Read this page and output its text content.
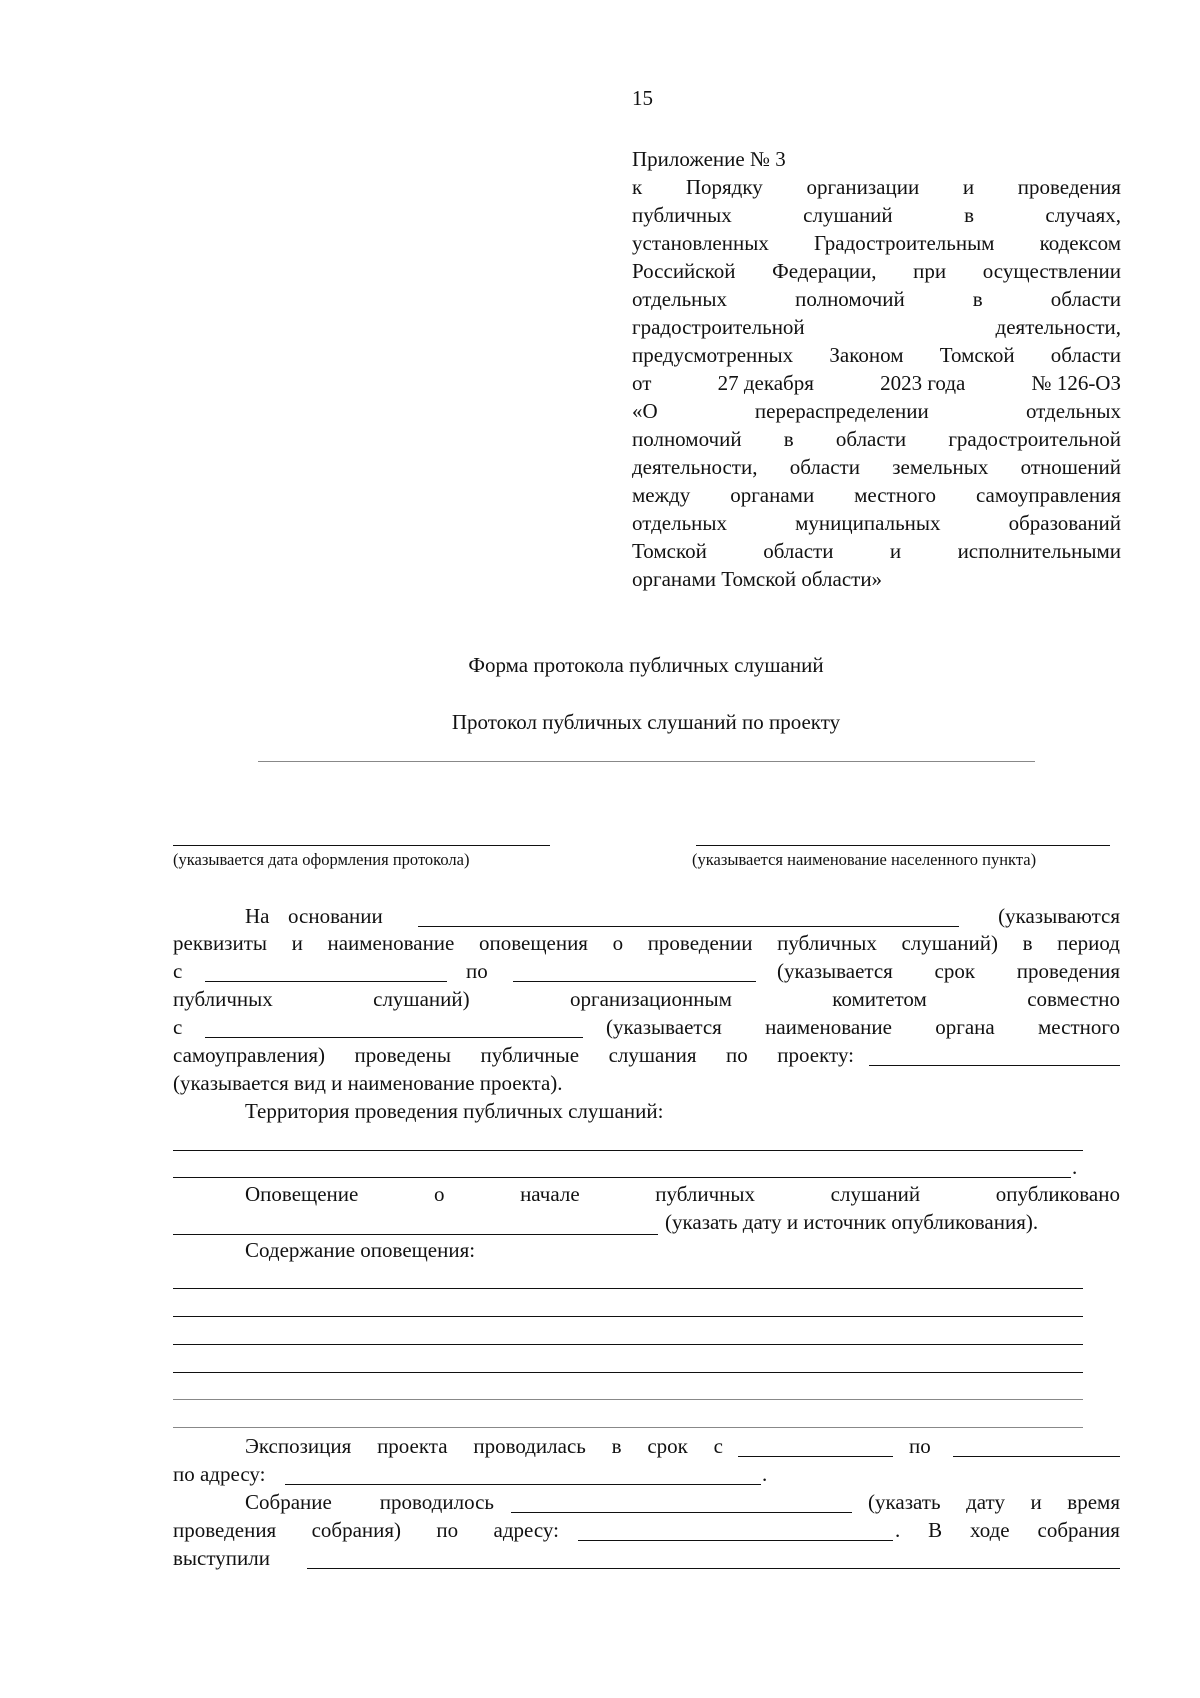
15
Приложение № 3
к Порядку организации и проведения
публичных	слушаний	в	случаях,
установленных Градостроительным кодексом
Российской Федерации, при осуществлении
отдельных	полномочий	в	области
градостроительной	деятельности,
предусмотренных Законом Томской области
от	27 декабря	2023 года	№ 126-ОЗ
«О	перераспределении	отдельных
полномочий в области градостроительной
деятельности, области земельных отношений
между органами местного самоуправления
отдельных	муниципальных	образований
Томской	области	и	исполнительными
органами Томской области»
Форма протокола публичных слушаний
Протокол публичных слушаний по проекту
(указывается дата оформления протокола)	(указывается наименование населенного пункта)
На основании	(указываются
реквизиты и наименование оповещения о проведении публичных слушаний) в период
с	по	(указывается срок проведения
публичных	слушаний)	организационным	комитетом	совместно
с	(указывается наименование органа местного
самоуправления) проведены публичные слушания по проекту:
(указывается вид и наименование проекта).
Территория проведения публичных слушаний:
.
Оповещение	о	начале	публичных	слушаний	опубликовано
(указать дату и источник опубликования).
Содержание оповещения:
Экспозиция проекта проводилась в срок с	по
по адресу:	.
Собрание проводилось	(указать дату и время
проведения собрания) по адресу:	. В ходе собрания
выступили
